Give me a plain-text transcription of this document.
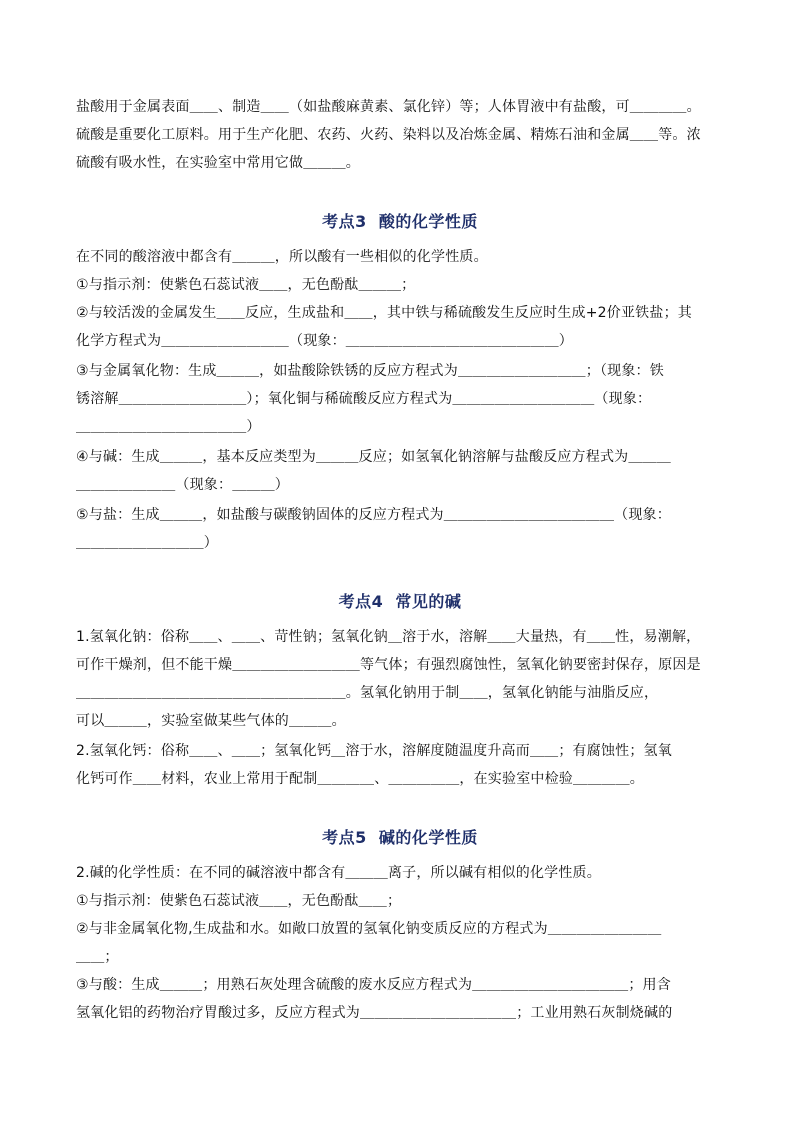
盐酸用于金属表面＿＿、制造＿＿（如盐酸麻黄素、氯化锌）等；人体胃液中有盐酸，可＿＿＿＿。
硫酸是重要化工原料。用于生产化肥、农药、火药、染料以及冶炼金属、精炼石油和金属＿＿等。浓
硫酸有吸水性，在实验室中常用它做＿＿＿。
考点3 酸的化学性质
在不同的酸溶液中都含有＿＿＿，所以酸有一些相似的化学性质。
①与指示剂：使紫色石蕊试液＿＿，无色酚酞＿＿＿；
②与较活泼的金属发生＿＿反应，生成盐和＿＿，其中铁与稀硫酸发生反应时生成+2价亚铁盐；其
化学方程式为＿＿＿＿＿＿＿＿＿（现象：＿＿＿＿＿＿＿＿＿＿＿＿＿＿＿）
③与金属氧化物：生成＿＿＿，如盐酸除铁锈的反应方程式为＿＿＿＿＿＿＿＿＿；（现象：铁
锈溶解＿＿＿＿＿＿＿＿＿）；氧化铜与稀硫酸反应方程式为＿＿＿＿＿＿＿＿＿＿（现象：
＿＿＿＿＿＿＿＿＿＿＿＿）
④与碱：生成＿＿＿，基本反应类型为＿＿＿反应；如氢氧化钠溶解与盐酸反应方程式为＿＿＿
＿＿＿＿＿＿＿（现象：＿＿＿）
⑤与盐：生成＿＿＿，如盐酸与碳酸钠固体的反应方程式为＿＿＿＿＿＿＿＿＿＿＿＿（现象：
＿＿＿＿＿＿＿＿＿）
考点4 常见的碱
1.氢氧化钠：俗称＿＿、＿＿、苛性钠；氢氧化钠＿溶于水，溶解＿＿大量热，有＿＿性，易潮解，
可作干燥剂，但不能干燥＿＿＿＿＿＿＿＿＿等气体；有强烈腐蚀性，氢氧化钠要密封保存，原因是
＿＿＿＿＿＿＿＿＿＿＿＿＿＿＿＿＿＿＿。氢氧化钠用于制＿＿，氢氧化钠能与油脂反应，
可以＿＿＿，实验室做某些气体的＿＿＿。
2.氢氧化钙：俗称＿＿、＿＿；氢氧化钙＿溶于水，溶解度随温度升高而＿＿；有腐蚀性；氢氧
化钙可作＿＿材料，农业上常用于配制＿＿＿＿、＿＿＿＿＿，在实验室中检验＿＿＿＿。
考点5 碱的化学性质
2.碱的化学性质：在不同的碱溶液中都含有＿＿＿离子，所以碱有相似的化学性质。
①与指示剂：使紫色石蕊试液＿＿，无色酚酞＿＿；
②与非金属氧化物,生成盐和水。如敞口放置的氢氧化钠变质反应的方程式为＿＿＿＿＿＿＿＿
＿＿；
③与酸：生成＿＿＿；用熟石灰处理含硫酸的废水反应方程式为＿＿＿＿＿＿＿＿＿＿＿；用含
氢氧化铝的药物治疗胃酸过多，反应方程式为＿＿＿＿＿＿＿＿＿＿＿；工业用熟石灰制烧碱的
